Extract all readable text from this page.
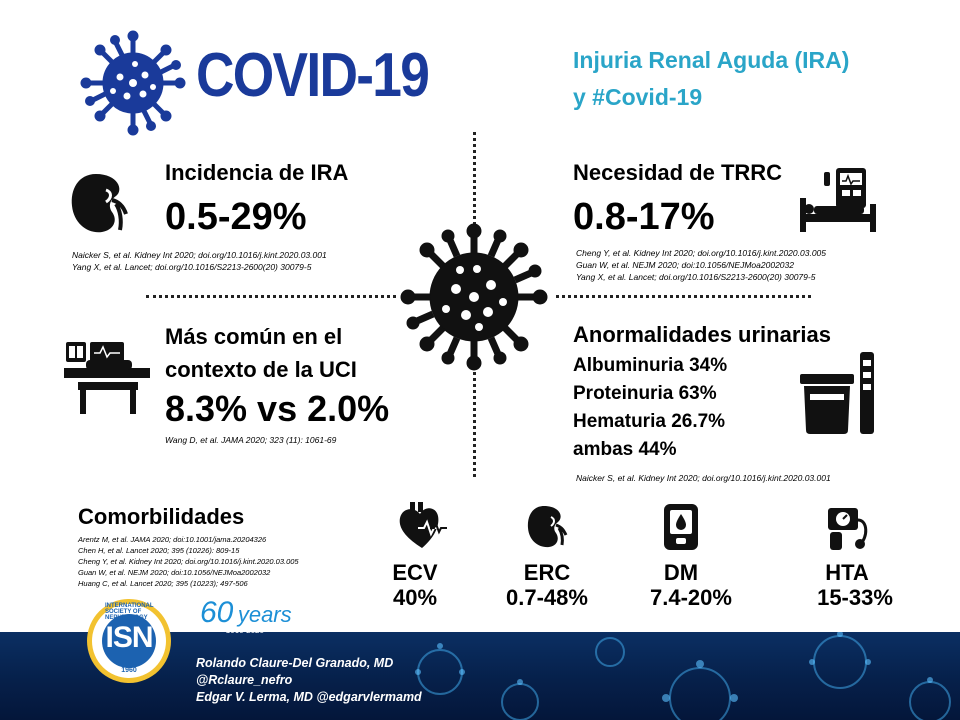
COVID-19	Injuria Renal Aguda (IRA)
y #Covid-19
Incidencia de IRA
0.5-29%
Naicker S, et al. Kidney Int 2020; doi.org/10.1016/j.kint.2020.03.001
Yang X, et al. Lancet; doi.org/10.1016/S2213-2600(20) 30079-5
Necesidad de TRRC
0.8-17%
Cheng Y, et al. Kidney Int 2020; doi.org/10.1016/j.kint.2020.03.005
Guan W, et al. NEJM 2020; doi:10.1056/NEJMoa2002032
Yang X, et al. Lancet; doi.org/10.1016/S2213-2600(20) 30079-5
Más común en el
contexto de la UCI
8.3% vs 2.0%
Wang D, et al. JAMA 2020; 323 (11): 1061-69
Anormalidades urinarias
Albuminuria 34%
Proteinuria 63%
Hematuria 26.7%
ambas 44%
Naicker S, et al. Kidney Int 2020; doi.org/10.1016/j.kint.2020.03.001
Comorbilidades
Arentz M, et al. JAMA 2020; doi:10.1001/jama.20204326
Chen H, et al. Lancet 2020; 395 (10226): 809-15
Cheng Y, et al. Kidney Int 2020; doi.org/10.1016/j.kint.2020.03.005
Guan W, et al. NEJM 2020; doi:10.1056/NEJMoa2002032
Huang C, et al. Lancet 2020; 395 (10223); 497-506	ECV
40%
ERC
0.7-48%
DM
7.4-20%
HTA
15-33%
ISN
INTERNATIONAL SOCIETY OF NEPHROLOGY
1960
60 years
1960-2020
Rolando Claure-Del Granado, MD
@Rclaure_nefro
Edgar V. Lerma, MD @edgarvlermamd
